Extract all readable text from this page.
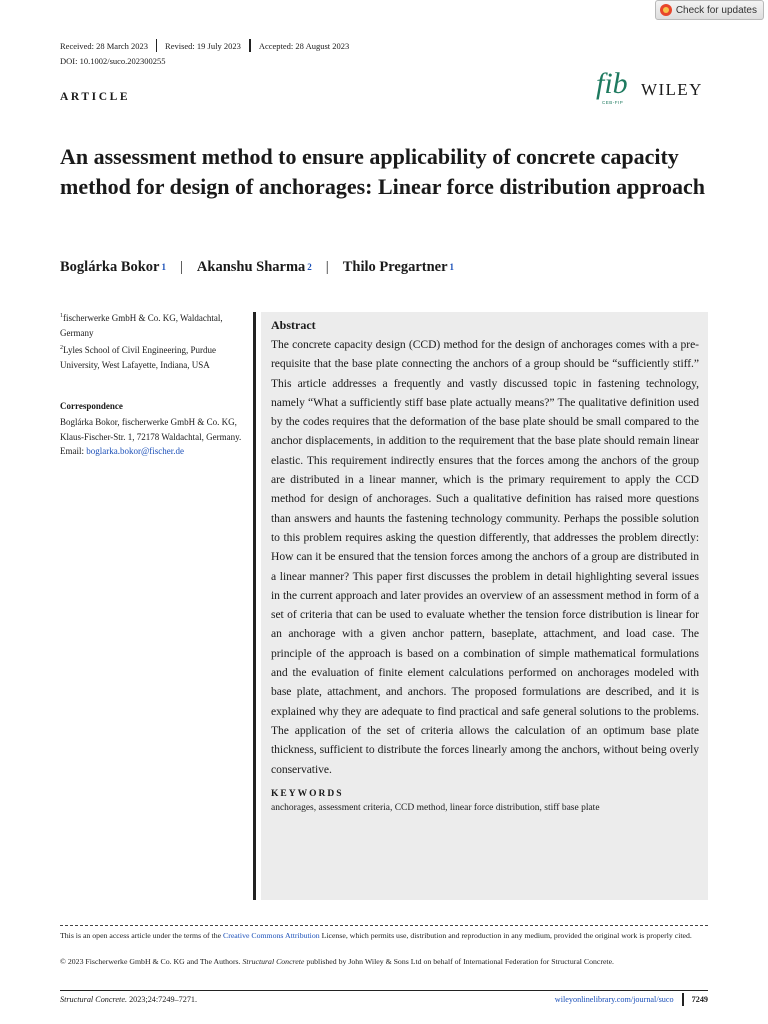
Check for updates
Received: 28 March 2023 Revised: 19 July 2023 Accepted: 28 August 2023
DOI: 10.1002/suco.202300255
ARTICLE	fib
CEB-FIP
WILEY
An assessment method to ensure applicability of concrete capacity method for design of anchorages: Linear force distribution approach
Boglárka Bokor$^1$ | Akanshu Sharma$^2$ | Thilo Pregartner$^1$
$^1$fischerwerke GmbH & Co. KG, Waldachtal, Germany
$^2$Lyles School of Civil Engineering, Purdue University, West Lafayette, Indiana, USA
Correspondence
Boglárka Bokor, fischerwerke GmbH & Co. KG, Klaus-Fischer-Str. 1, 72178 Waldachtal, Germany. Email: boglarka.bokor@fischer.de
Abstract

The concrete capacity design (CCD) method for the design of anchorages comes with a pre-requisite that the base plate connecting the anchors of a group should be “sufficiently stiff.” This article addresses a frequently and vastly discussed topic in fastening technology, namely “What a sufficiently stiff base plate actually means?” The qualitative definition used by the codes requires that the deformation of the base plate should be small compared to the anchor displacements, in addition to the requirement that the base plate should remain linear elastic. This requirement indirectly ensures that the forces among the anchors of the group are distributed in a linear manner, which is the primary requirement to apply the CCD method for design of anchorages. Such a qualitative definition has raised more questions than answers and haunts the fastening technology community. Perhaps the possible solution to this problem requires asking the question differently, that addresses the problem directly: How can it be ensured that the tension forces among the anchors of a group are distributed in a linear manner? This paper first discusses the problem in detail highlighting several issues in the current approach and later provides an overview of an assessment method in form of a set of criteria that can be used to evaluate whether the tension force distribution is linear for an anchorage with a given anchor pattern, baseplate, attachment, and load case. The principle of the approach is based on a combination of simple mathematical formulations and the evaluation of finite element calculations performed on anchorages modeled with base plate, attachment, and anchors. The proposed formulations are described, and it is explained why they are adequate to find practical and safe general solutions to the problems. The application of the set of criteria allows the calculation of an optimum base plate thickness, sufficient to distribute the forces linearly among the anchors, without being overly conservative.

KEYWORDS
anchorages, assessment criteria, CCD method, linear force distribution, stiff base plate
This is an open access article under the terms of the Creative Commons Attribution License, which permits use, distribution and reproduction in any medium, provided the original work is properly cited.
© 2023 Fischerwerke GmbH & Co. KG and The Authors. Structural Concrete published by John Wiley & Sons Ltd on behalf of International Federation for Structural Concrete.
Structural Concrete. 2023;24:7249–7271.	wileyonlinelibrary.com/journal/suco 7249
